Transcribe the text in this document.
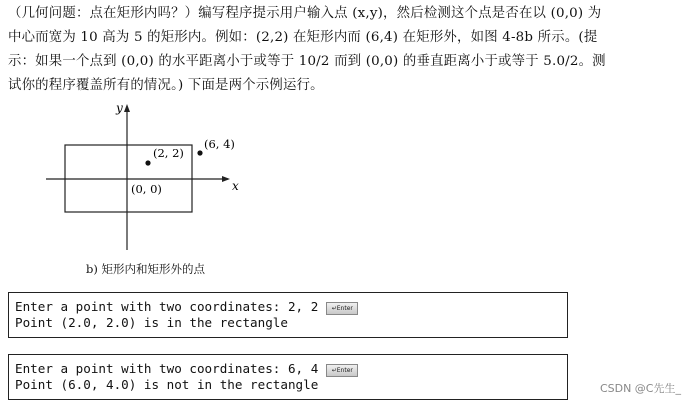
（几何问题：点在矩形内吗？）编写程序提示用户输入点 (x,y)，然后检测这个点是否在以 (0,0) 为
中心而宽为 10 高为 5 的矩形内。例如：(2,2) 在矩形内而 (6,4) 在矩形外，如图 4-8b 所示。(提
示：如果一个点到 (0,0) 的水平距离小于或等于 10/2 而到 (0,0) 的垂直距离小于或等于 5.0/2。测
试你的程序覆盖所有的情况。) 下面是两个示例运行。
y
x
(2, 2)
(6, 4)
(0, 0)
b) 矩形内和矩形外的点
Enter a point with two coordinates: 2, 2 ↵Enter
Point (2.0, 2.0) is in the rectangle
Enter a point with two coordinates: 6, 4 ↵Enter
Point (6.0, 4.0) is not in the rectangle	CSDN @C先生_
